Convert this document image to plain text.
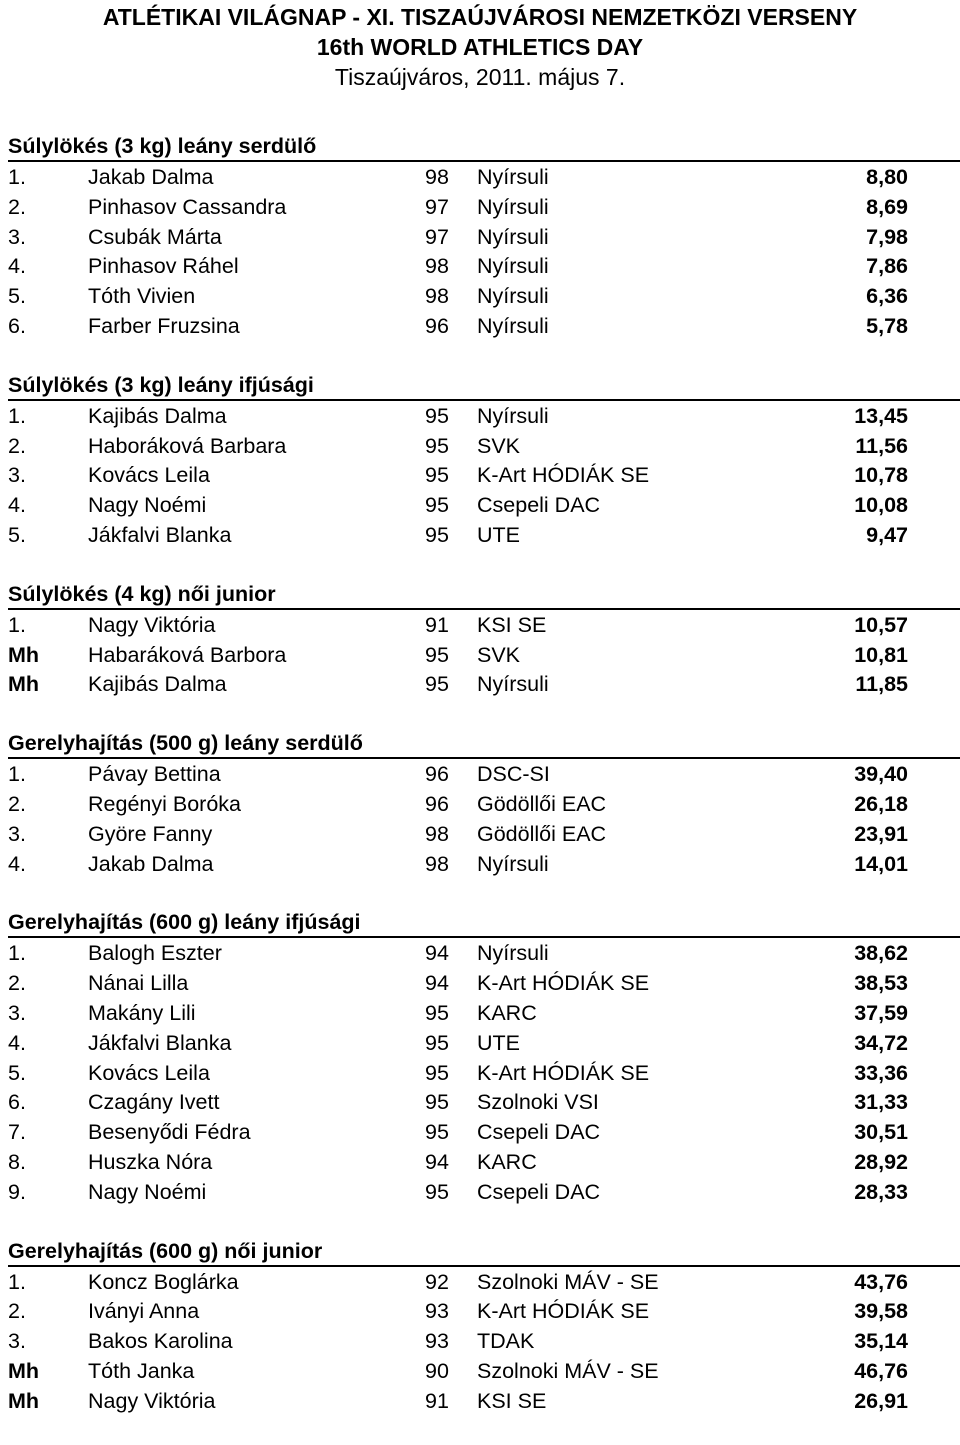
ATLÉTIKAI VILÁGNAP - XI. TISZAÚJVÁROSI NEMZETKÖZI VERSENY

16th WORLD ATHLETICS DAY

Tiszaújváros, 2011. május 7.

Súlylökés (3 kg) leány serdülő
1.	Jakab Dalma	98 Nyírsuli	8,80
2.	Pinhasov Cassandra	97 Nyírsuli	8,69
3.	Csubák Márta	97 Nyírsuli	7,98
4.	Pinhasov Ráhel	98 Nyírsuli	7,86
5.	Tóth Vivien	98 Nyírsuli	6,36
6.	Farber Fruzsina	96 Nyírsuli	5,78
Súlylökés (3 kg) leány ifjúsági
1.	Kajibás Dalma	95 Nyírsuli	13,45
2.	Haboráková Barbara	95 SVK	11,56
3.	Kovács Leila	95 K-Art HÓDIÁK SE	10,78
4.	Nagy Noémi	95 Csepeli DAC	10,08
5.	Jákfalvi Blanka	95 UTE	9,47
Súlylökés (4 kg) női junior
1.	Nagy Viktória	91 KSI SE	10,57
Mh Habaráková Barbora	95 SVK	10,81
Mh Kajibás Dalma	95 Nyírsuli	11,85
Gerelyhajítás (500 g) leány serdülő
1.	Pávay Bettina	96 DSC-SI	39,40
2.	Regényi Boróka	96 Gödöllői EAC	26,18
3.	Györe Fanny	98 Gödöllői EAC	23,91
4.	Jakab Dalma	98 Nyírsuli	14,01
Gerelyhajítás (600 g) leány ifjúsági
1.	Balogh Eszter	94 Nyírsuli	38,62
2.	Nánai Lilla	94 K-Art HÓDIÁK SE	38,53
3.	Makány Lili	95 KARC	37,59
4.	Jákfalvi Blanka	95 UTE	34,72
5.	Kovács Leila	95 K-Art HÓDIÁK SE	33,36
6.	Czagány Ivett	95 Szolnoki VSI	31,33
7.	Besenyődi Fédra	95 Csepeli DAC	30,51
8.	Huszka Nóra	94 KARC	28,92
9.	Nagy Noémi	95 Csepeli DAC	28,33
Gerelyhajítás (600 g) női junior
1.	Koncz Boglárka	92 Szolnoki MÁV - SE	43,76
2.	Iványi Anna	93 K-Art HÓDIÁK SE	39,58
3.	Bakos Karolina	93 TDAK	35,14
Mh Tóth Janka	90 Szolnoki MÁV - SE	46,76
Mh Nagy Viktória	91 KSI SE	26,91
